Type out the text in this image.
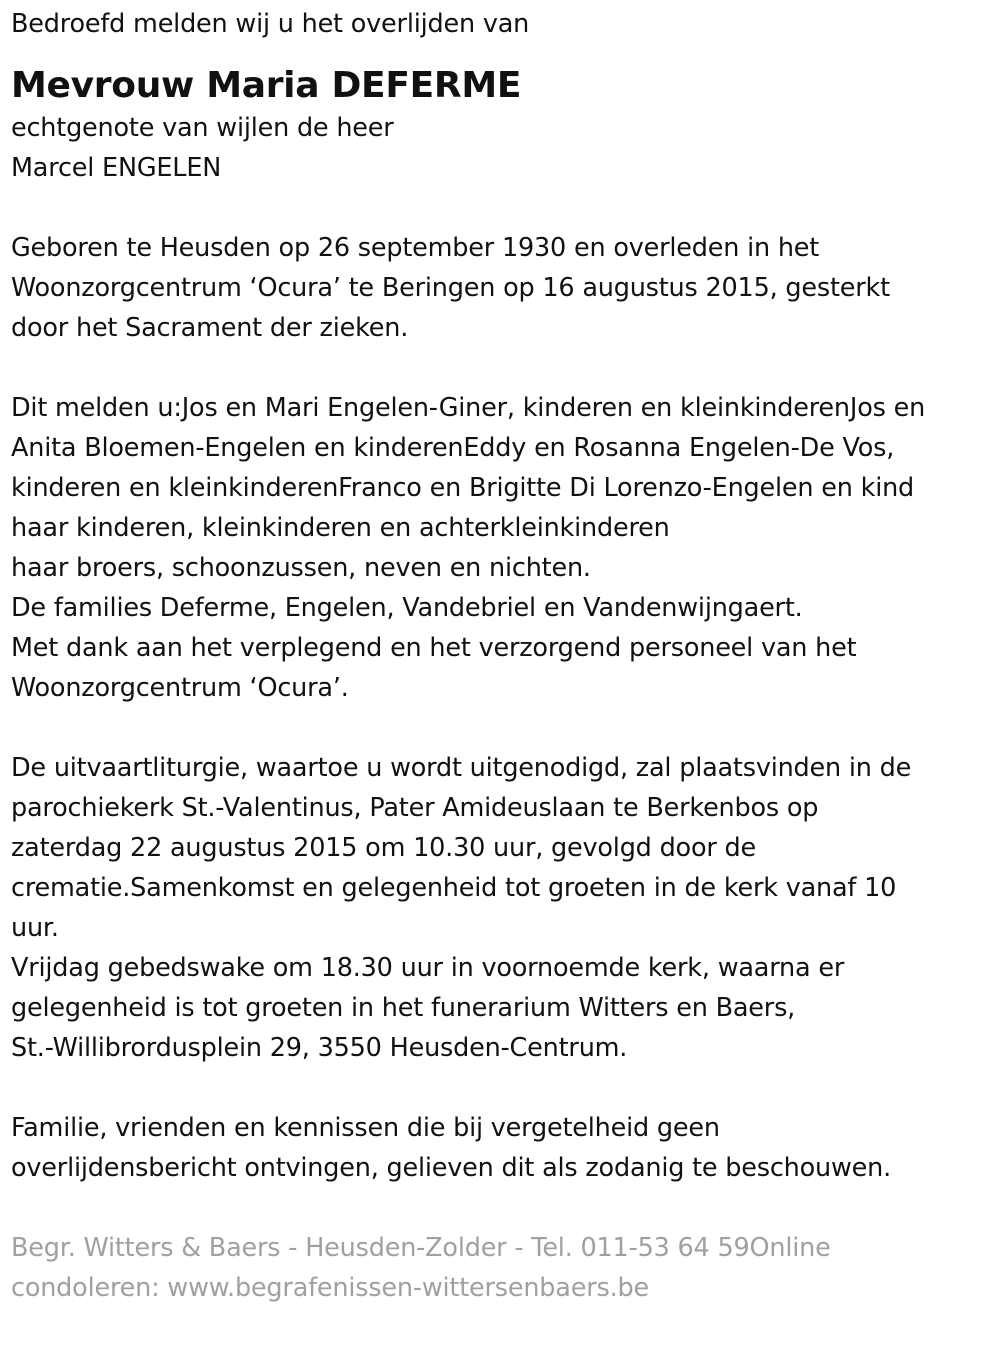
Bedroefd melden wij u het overlijden van
Mevrouw Maria DEFERME
echtgenote van wijlen de heer
Marcel ENGELEN
Geboren te Heusden op 26 september 1930 en overleden in het
Woonzorgcentrum ‘Ocura’ te Beringen op 16 augustus 2015, gesterkt
door het Sacrament der zieken.
Dit melden u:Jos en Mari Engelen-Giner, kinderen en kleinkinderenJos en
Anita Bloemen-Engelen en kinderenEddy en Rosanna Engelen-De Vos,
kinderen en kleinkinderenFranco en Brigitte Di Lorenzo-Engelen en kind
haar kinderen, kleinkinderen en achterkleinkinderen
haar broers, schoonzussen, neven en nichten.
De families Deferme, Engelen, Vandebriel en Vandenwijngaert.
Met dank aan het verplegend en het verzorgend personeel van het
Woonzorgcentrum ‘Ocura’.
De uitvaartliturgie, waartoe u wordt uitgenodigd, zal plaatsvinden in de
parochiekerk St.-Valentinus, Pater Amideuslaan te Berkenbos op
zaterdag 22 augustus 2015 om 10.30 uur, gevolgd door de
crematie.Samenkomst en gelegenheid tot groeten in de kerk vanaf 10
uur.
Vrijdag gebedswake om 18.30 uur in voornoemde kerk, waarna er
gelegenheid is tot groeten in het funerarium Witters en Baers,
St.-Willibrordusplein 29, 3550 Heusden-Centrum.
Familie, vrienden en kennissen die bij vergetelheid geen
overlijdensbericht ontvingen, gelieven dit als zodanig te beschouwen.
Begr. Witters & Baers - Heusden-Zolder - Tel. 011-53 64 59Online
condoleren: www.begrafenissen-wittersenbaers.be
